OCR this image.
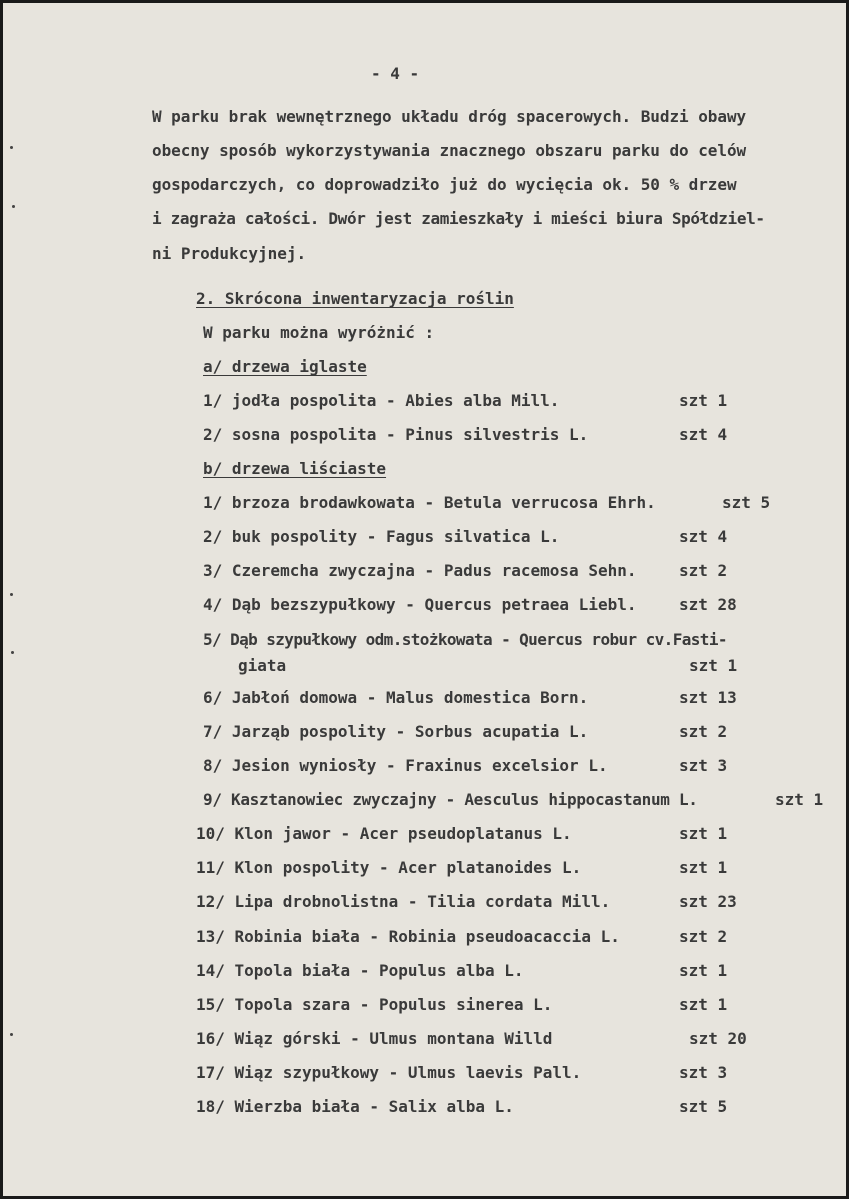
- 4 -
W parku brak wewnętrznego układu dróg spacerowych. Budzi obawy
obecny sposób wykorzystywania znacznego obszaru parku do celów
gospodarczych, co doprowadziło już do wycięcia ok. 50 % drzew
i zagraża całości. Dwór jest zamieszkały i mieści biura Spółdziel-
ni Produkcyjnej.
2. Skrócona inwentaryzacja roślin
W parku można wyróżnić :
a/ drzewa iglaste
1/ jodła pospolita - Abies alba Mill.	szt 1
2/ sosna pospolita - Pinus silvestris L.	szt 4
b/ drzewa liściaste
1/ brzoza brodawkowata - Betula verrucosa Ehrh.	szt 5
2/ buk pospolity - Fagus silvatica L.	szt 4
3/ Czeremcha zwyczajna - Padus racemosa Sehn.	szt 2
4/ Dąb bezszypułkowy - Quercus petraea Liebl.	szt 28
5/ Dąb szypułkowy odm.stożkowata - Quercus robur cv.Fasti-
giata	szt 1
6/ Jabłoń domowa - Malus domestica Born.	szt 13
7/ Jarząb pospolity - Sorbus acupatia L.	szt 2
8/ Jesion wyniosły - Fraxinus excelsior L.	szt 3
9/ Kasztanowiec zwyczajny - Aesculus hippocastanum L.	szt 1
10/ Klon jawor - Acer pseudoplatanus L.	szt 1
11/ Klon pospolity - Acer platanoides L.	szt 1
12/ Lipa drobnolistna - Tilia cordata Mill.	szt 23
13/ Robinia biała - Robinia pseudoacaccia L.	szt 2
14/ Topola biała - Populus alba L.	szt 1
15/ Topola szara - Populus sinerea L.	szt 1
16/ Wiąz górski - Ulmus montana Willd	szt 20
17/ Wiąz szypułkowy - Ulmus laevis Pall.	szt 3
18/ Wierzba biała - Salix alba L.	szt 5
